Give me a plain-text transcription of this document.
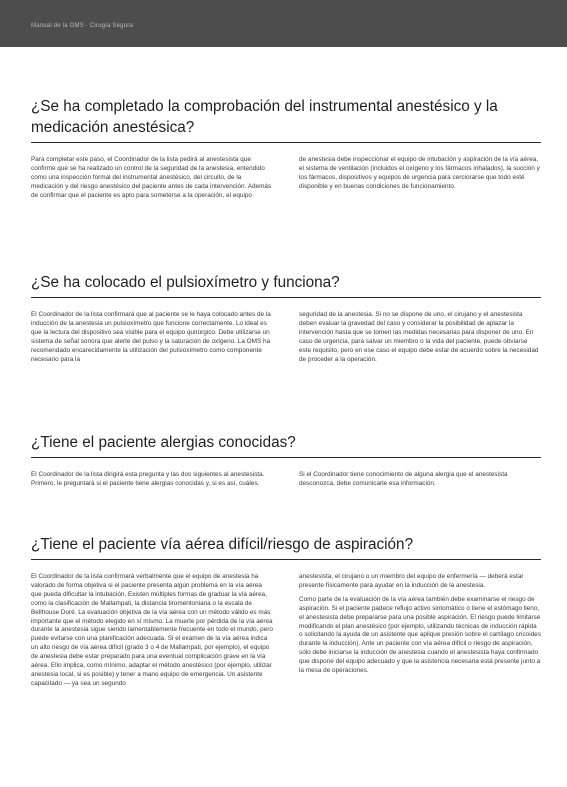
Manual de la OMS · Cirugía Segura
¿Se ha completado la comprobación del instrumental anestésico y la medicación anestésica?

Para completar este paso, el Coordinador de la lista pedirá al anestesista que confirme que se ha realizado un control de la seguridad de la anestesia, entendido como una inspección formal del instrumental anestésico, del circuito, de la medicación y del riesgo anestésico del paciente antes de cada intervención. Además de confirmar que el paciente es apto para someterse a la operación, el equipo

de anestesia debe inspeccionar el equipo de intubación y aspiración de la vía aérea, el sistema de ventilación (incluidos el oxígeno y los fármacos inhalados), la succión y los fármacos, dispositivos y equipos de urgencia para cerciorarse que todo esté disponible y en buenas condiciones de funcionamiento.

¿Se ha colocado el pulsioxímetro y funciona?

El Coordinador de la lista confirmará que al paciente se le haya colocado antes de la inducción de la anestesia un pulsioxímetro que funcione correctamente. Lo ideal es que la lectura del dispositivo sea visible para el equipo quirúrgico. Debe utilizarse un sistema de señal sonora que alerte del pulso y la saturación de oxígeno. La OMS ha recomendado encarecidamente la utilización del pulsioxímetro como componente necesario para la

seguridad de la anestesia. Si no se dispone de uno, el cirujano y el anestesista deben evaluar la gravedad del caso y considerar la posibilidad de aplazar la intervención hasta que se tomen las medidas necesarias para disponer de uno. En caso de urgencia, para salvar un miembro o la vida del paciente, puede obviarse este requisito, pero en ese caso el equipo debe estar de acuerdo sobre la necesidad de proceder a la operación.

¿Tiene el paciente alergias conocidas?

El Coordinador de la lista dirigirá esta pregunta y las dos siguientes al anestesista. Primero, le preguntará si el paciente tiene alergias conocidas y, si es así, cuáles.

Si el Coordinador tiene conocimiento de alguna alergia que el anestesista desconozca, debe comunicarle esa información.

¿Tiene el paciente vía aérea difícil/riesgo de aspiración?

El Coordinador de la lista confirmará verbalmente que el equipo de anestesia ha valorado de forma objetiva si el paciente presenta algún problema en la vía aérea que pueda dificultar la intubación. Existen múltiples formas de graduar la vía aérea, como la clasificación de Mallampati, la distancia tiromentoniana o la escala de Bellhouse Doré. La evaluación objetiva de la vía aérea con un método válido es más importante que el método elegido en sí mismo. La muerte por pérdida de la vía aérea durante la anestesia sigue siendo lamentablemente frecuente en todo el mundo, pero puede evitarse con una planificación adecuada. Si el examen de la vía aérea indica un alto riesgo de vía aérea difícil (grado 3 o 4 de Mallampati, por ejemplo), el equipo de anestesia debe estar preparado para una eventual complicación grave en la vía aérea. Ello implica, como mínimo, adaptar el método anestésico (por ejemplo, utilizar anestesia local, si es posible) y tener a mano equipo de emergencia. Un asistente capacitado — ya sea un segundo

anestesista, el cirujano o un miembro del equipo de enfermería — deberá estar presente físicamente para ayudar en la inducción de la anestesia.

Como parte de la evaluación de la vía aérea también debe examinarse el riesgo de aspiración. Si el paciente padece reflujo activo sintomático o tiene el estómago lleno, el anestesista debe prepararse para una posible aspiración. El riesgo puede limitarse modificando el plan anestésico (por ejemplo, utilizando técnicas de inducción rápida o solicitando la ayuda de un asistente que aplique presión sobre el cartílago cricoides durante la inducción). Ante un paciente con vía aérea difícil o riesgo de aspiración, sólo debe iniciarse la inducción de anestesia cuando el anestesista haya confirmado que dispone del equipo adecuado y que la asistencia necesaria está presente junto a la mesa de operaciones.
